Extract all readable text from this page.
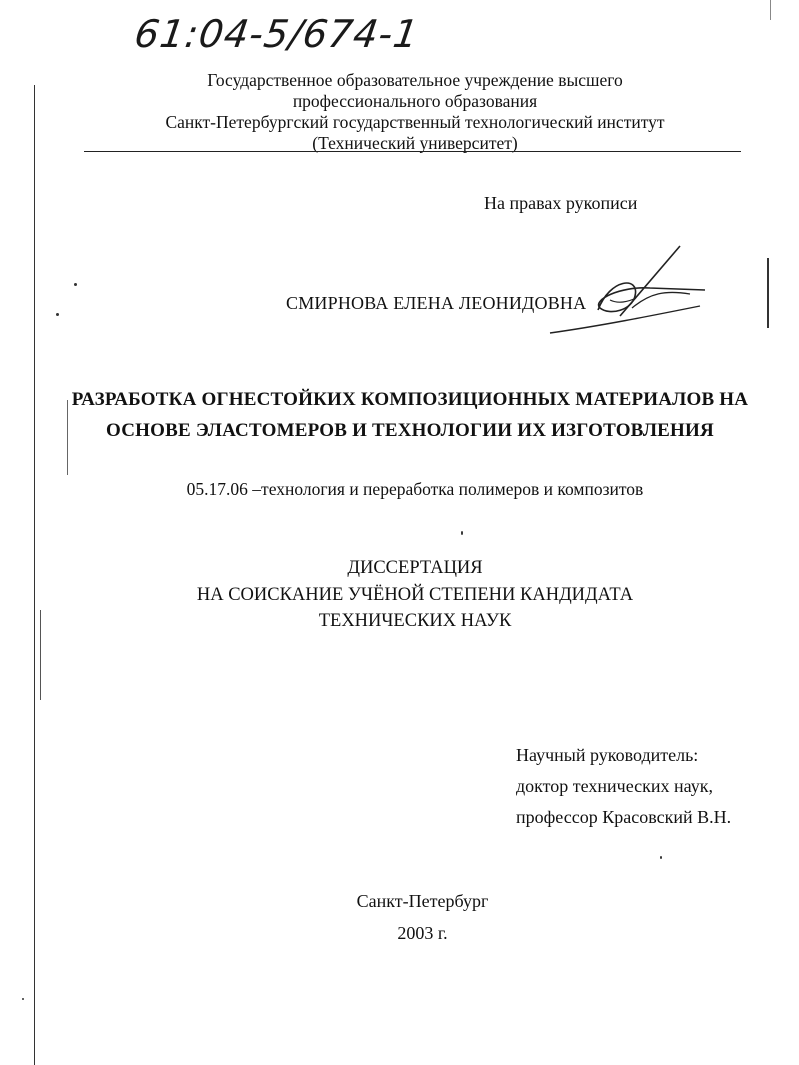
61:04-5/674-1
Государственное образовательное учреждение высшего
профессионального образования
Санкт-Петербургский государственный технологический институт
(Технический университет)
На правах рукописи
СМИРНОВА ЕЛЕНА ЛЕОНИДОВНА
РАЗРАБОТКА ОГНЕСТОЙКИХ КОМПОЗИЦИОННЫХ МАТЕРИАЛОВ НА
ОСНОВЕ ЭЛАСТОМЕРОВ И ТЕХНОЛОГИИ ИХ ИЗГОТОВЛЕНИЯ
05.17.06 –технология и переработка полимеров и композитов
ДИССЕРТАЦИЯ
НА СОИСКАНИЕ УЧЁНОЙ СТЕПЕНИ КАНДИДАТА
ТЕХНИЧЕСКИХ НАУК
Научный руководитель:
доктор технических наук,
профессор Красовский В.Н.
Санкт-Петербург
2003 г.
